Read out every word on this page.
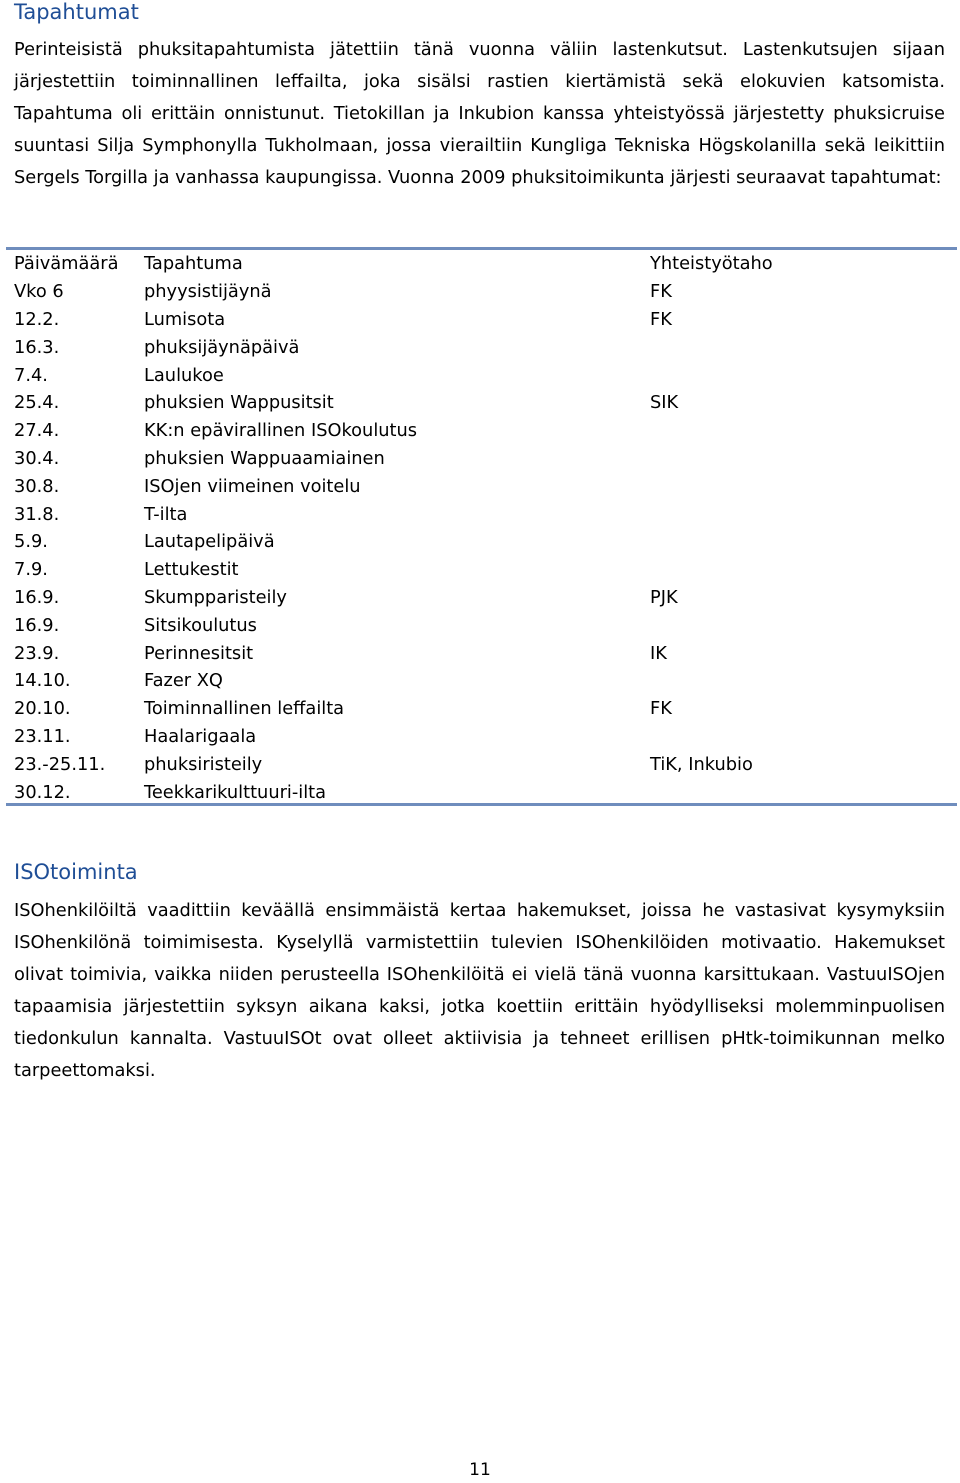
Tapahtumat

Perinteisistä phuksitapahtumista jätettiin tänä vuonna väliin lastenkutsut. Lastenkutsujen sijaan järjestettiin toiminnallinen leffailta, joka sisälsi rastien kiertämistä sekä elokuvien katsomista. Tapahtuma oli erittäin onnistunut. Tietokillan ja Inkubion kanssa yhteistyössä järjestetty phuksicruise suuntasi Silja Symphonylla Tukholmaan, jossa vierailtiin Kungliga Tekniska Högskolanilla sekä leikittiin Sergels Torgilla ja vanhassa kaupungissa. Vuonna 2009 phuksitoimikunta järjesti seuraavat tapahtumat:

Päivämäärä	Tapahtuma	Yhteistyötaho
Vko 6	phyysistijäynä	FK
12.2.	Lumisota	FK
16.3.	phuksijäynäpäivä	
7.4.	Laulukoe	
25.4.	phuksien Wappusitsit	SIK
27.4.	KK:n epävirallinen ISOkoulutus	
30.4.	phuksien Wappuaamiainen	
30.8.	ISOjen viimeinen voitelu	
31.8.	T-ilta	
5.9.	Lautapelipäivä	
7.9.	Lettukestit	
16.9.	Skumpparisteily	PJK
16.9.	Sitsikoulutus	
23.9.	Perinnesitsit	IK
14.10.	Fazer XQ	
20.10.	Toiminnallinen leffailta	FK
23.11.	Haalarigaala	
23.-25.11.	phuksiristeily	TiK, Inkubio
30.12.	Teekkarikulttuuri-ilta	
ISOtoiminta

ISOhenkilöiltä vaadittiin keväällä ensimmäistä kertaa hakemukset, joissa he vastasivat kysymyksiin ISOhenkilönä toimimisesta. Kyselyllä varmistettiin tulevien ISOhenkilöiden motivaatio. Hakemukset olivat toimivia, vaikka niiden perusteella ISOhenkilöitä ei vielä tänä vuonna karsittukaan. VastuuISOjen tapaamisia järjestettiin syksyn aikana kaksi, jotka koettiin erittäin hyödylliseksi molemminpuolisen tiedonkulun kannalta. VastuuISOt ovat olleet aktiivisia ja tehneet erillisen pHtk-toimikunnan melko tarpeettomaksi.

11
